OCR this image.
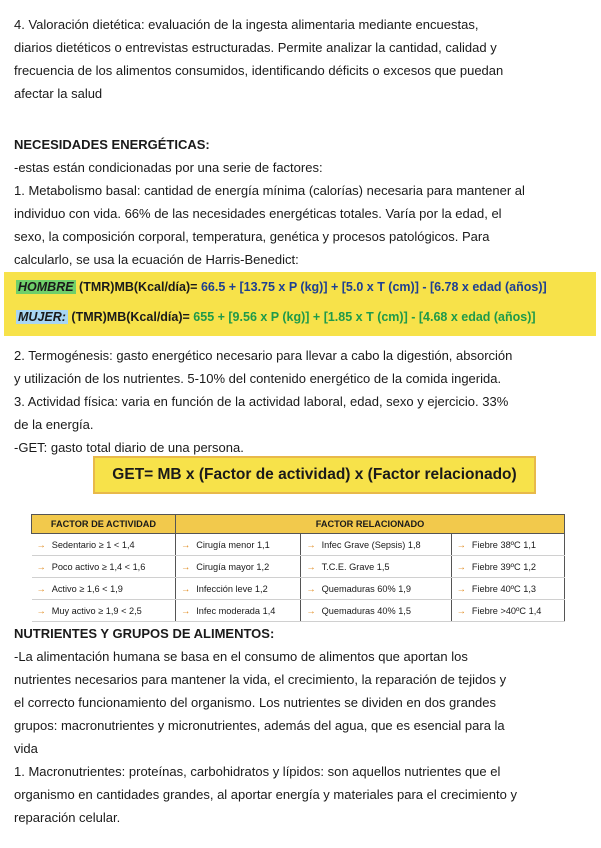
4. Valoración dietética: evaluación de la ingesta alimentaria mediante encuestas,
diarios dietéticos o entrevistas estructuradas. Permite analizar la cantidad, calidad y
frecuencia de los alimentos consumidos, identificando déficits o excesos que puedan
afectar la salud
NECESIDADES ENERGÉTICAS:
-estas están condicionadas por una serie de factores:
1. Metabolismo basal: cantidad de energía mínima (calorías) necesaria para mantener al
individuo con vida. 66% de las necesidades energéticas totales. Varía por la edad, el
sexo, la composición corporal, temperatura, genética y procesos patológicos. Para
calcularlo, se usa la ecuación de Harris-Benedict:
HOMBRE (TMR)MB(Kcal/día)= 66.5 + [13.75 x P (kg)] + [5.0 x T (cm)] - [6.78 x edad (años)]
MUJER: (TMR)MB(Kcal/día)= 655 + [9.56 x P (kg)] + [1.85 x T (cm)] - [4.68 x edad (años)]
2. Termogénesis: gasto energético necesario para llevar a cabo la digestión, absorción
y utilización de los nutrientes. 5-10% del contenido energético de la comida ingerida.
3. Actividad física: varia en función de la actividad laboral, edad, sexo y ejercicio. 33%
de la energía.
-GET: gasto total diario de una persona.
GET= MB x (Factor de actividad) x (Factor relacionado)
FACTOR DE ACTIVIDAD	FACTOR RELACIONADO		
→ Sedentario ≥ 1 < 1,4	→ Cirugía menor 1,1	→ Infec Grave (Sepsis) 1,8	→ Fiebre 38ºC 1,1
→ Poco activo ≥ 1,4 < 1,6	→ Cirugía mayor 1,2	→ T.C.E. Grave 1,5	→ Fiebre 39ºC 1,2
→ Activo ≥ 1,6 < 1,9	→ Infección leve 1,2	→ Quemaduras 60% 1,9	→ Fiebre 40ºC 1,3
→ Muy activo ≥ 1,9 < 2,5	→ Infec moderada 1,4	→ Quemaduras 40% 1,5	→ Fiebre >40ºC 1,4
NUTRIENTES Y GRUPOS DE ALIMENTOS:
-La alimentación humana se basa en el consumo de alimentos que aportan los
nutrientes necesarios para mantener la vida, el crecimiento, la reparación de tejidos y
el correcto funcionamiento del organismo. Los nutrientes se dividen en dos grandes
grupos: macronutrientes y micronutrientes, además del agua, que es esencial para la
vida
1. Macronutrientes: proteínas, carbohidratos y lípidos: son aquellos nutrientes que el
organismo en cantidades grandes, al aportar energía y materiales para el crecimiento y
reparación celular.
